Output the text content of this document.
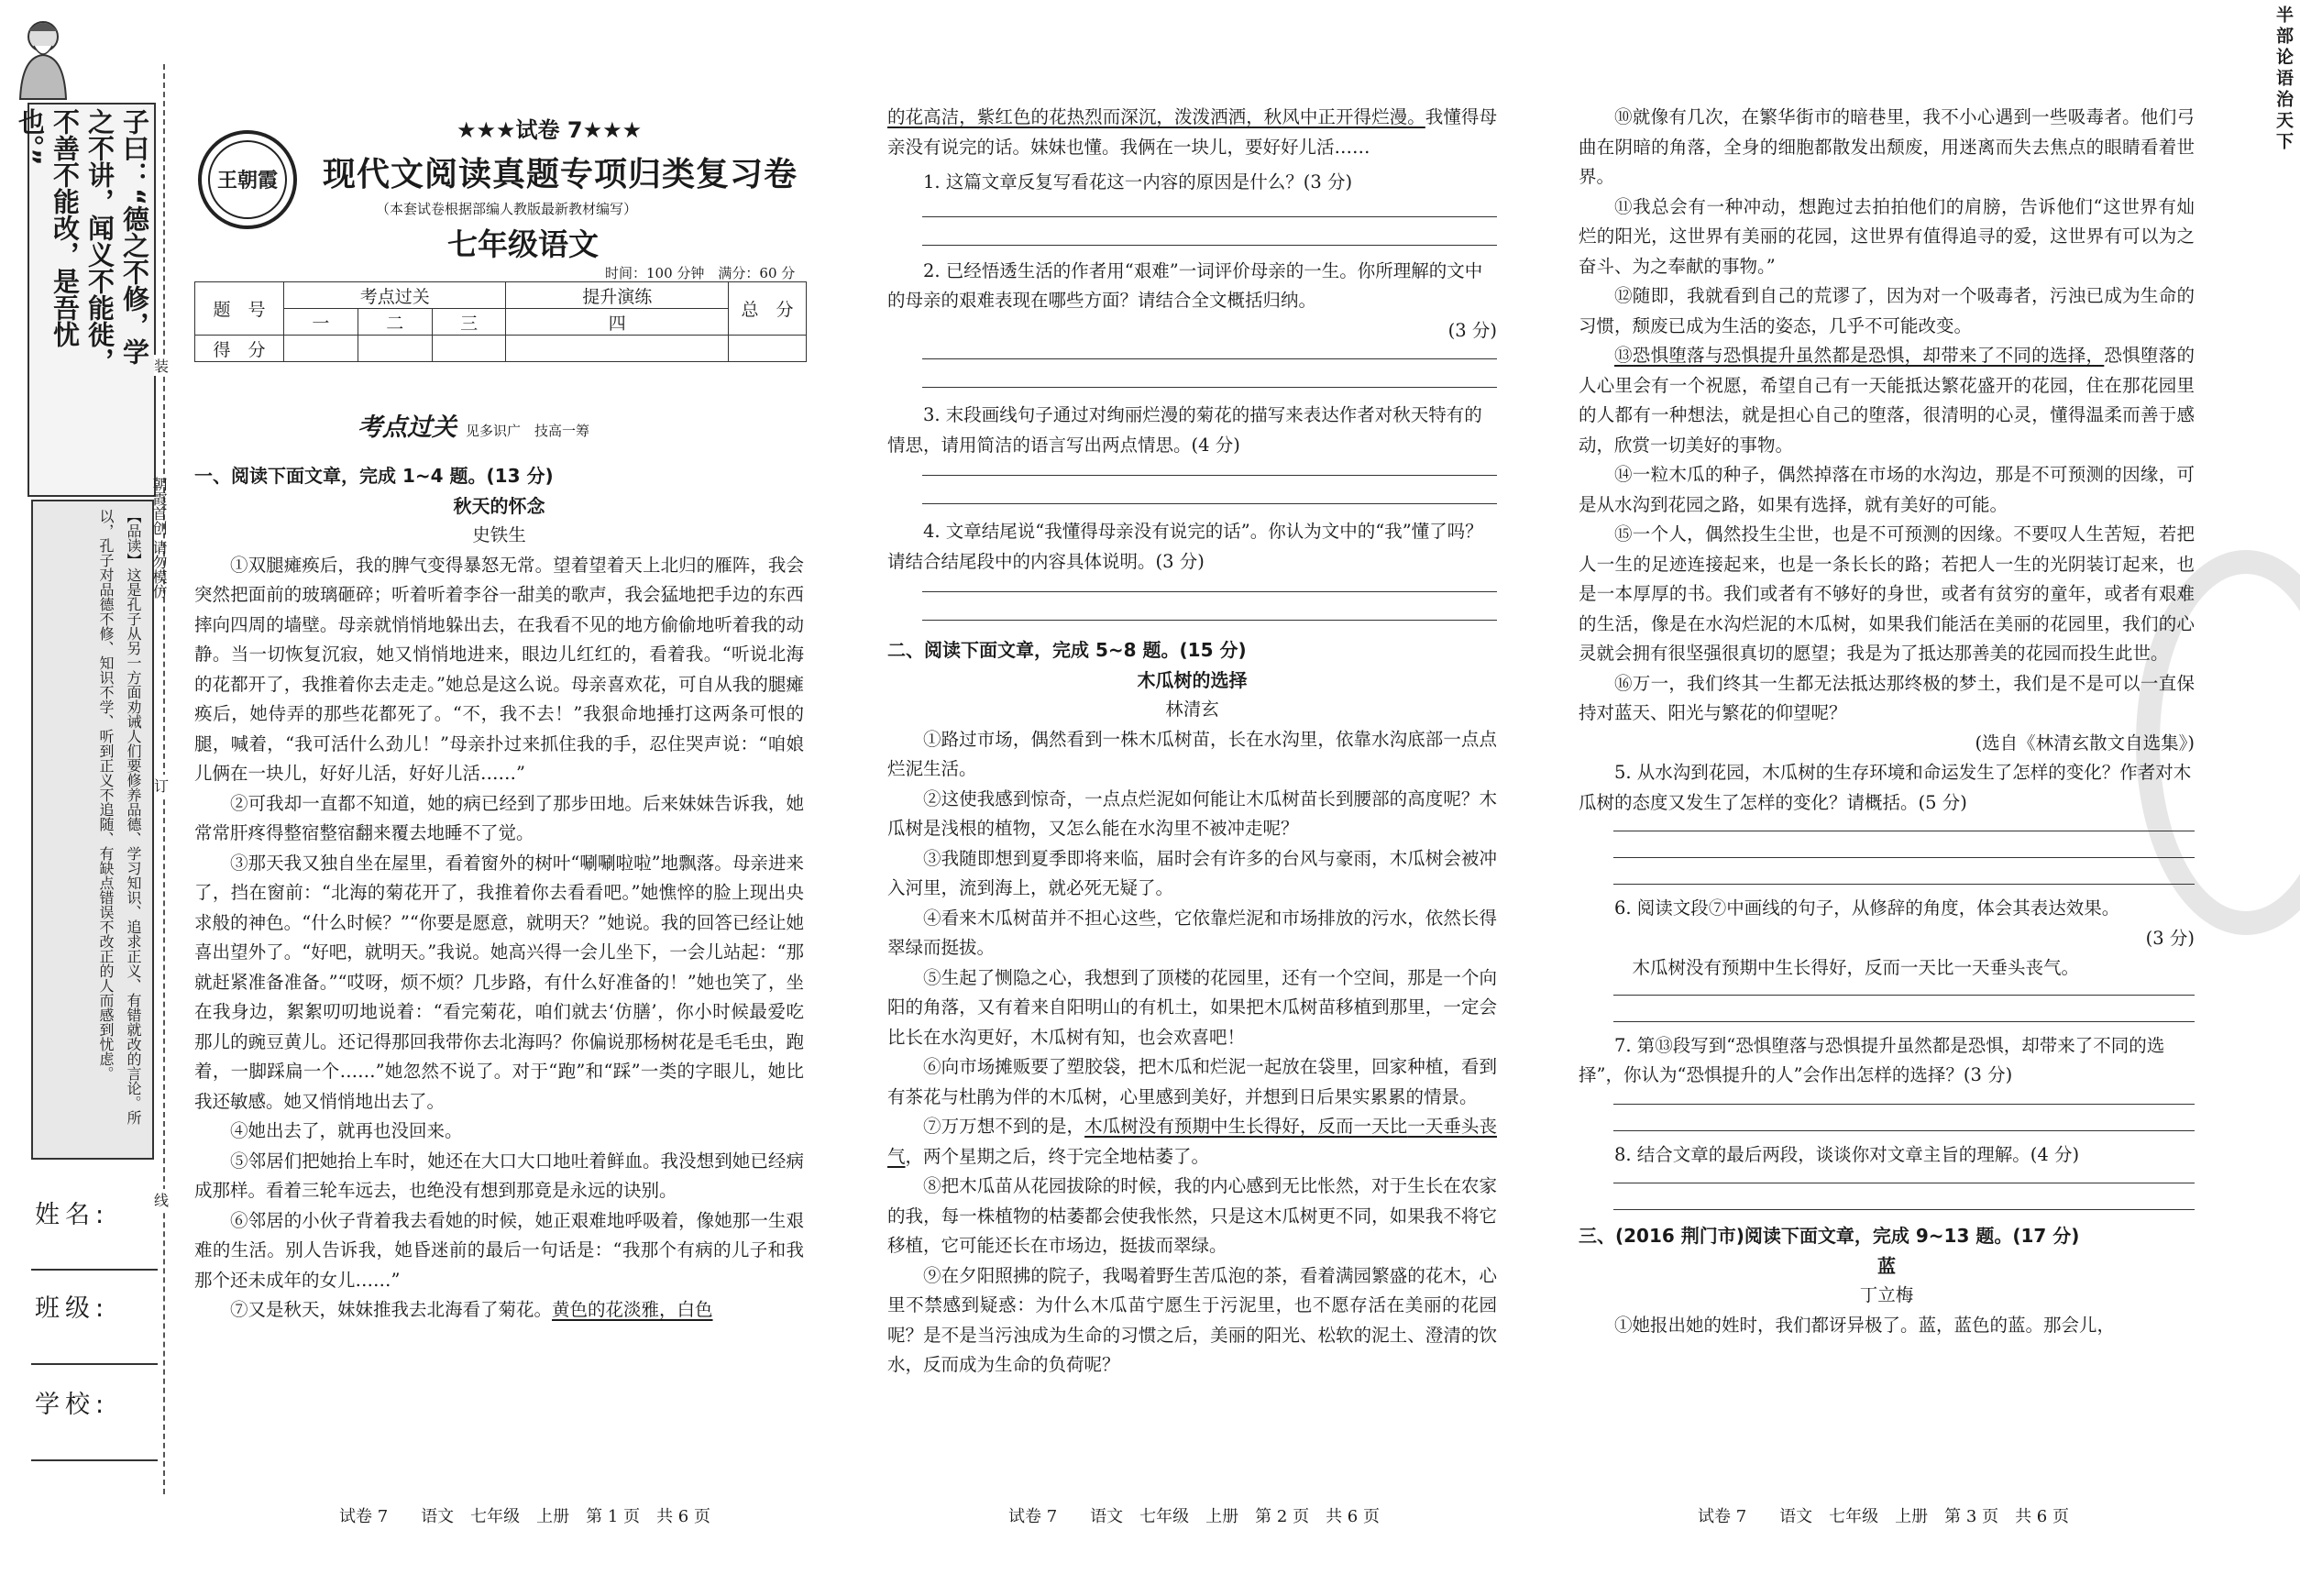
半部论语治天下
子曰：“德之不修，学之不讲，闻义不能徙，不善不能改，是吾忧也。”
【品读】这是孔子从另一方面劝诫人们要修养品德、学习知识、追求正义、有错就改的言论。所以，孔子对品德不修、知识不学、听到正义不追随、有缺点错误不改正的人而感到忧虑。
姓名:
班级:
学校:
装
订
线
朝霞首创 请勿模仿
王朝霞
★★★试卷 7★★★
现代文阅读真题专项归类复习卷
（本套试卷根据部编人教版最新教材编写）
七年级语文
时间：100 分钟　满分：60 分
题　号	考点过关			提升演练	总　分
	一	二	三	四	
得　分					
考点过关 见多识广　技高一筹

一、阅读下面文章，完成 1~4 题。(13 分)

秋天的怀念

史铁生

①双腿瘫痪后，我的脾气变得暴怒无常。望着望着天上北归的雁阵，我会突然把面前的玻璃砸碎；听着听着李谷一甜美的歌声，我会猛地把手边的东西摔向四周的墙壁。母亲就悄悄地躲出去，在我看不见的地方偷偷地听着我的动静。当一切恢复沉寂，她又悄悄地进来，眼边儿红红的，看着我。“听说北海的花都开了，我推着你去走走。”她总是这么说。母亲喜欢花，可自从我的腿瘫痪后，她侍弄的那些花都死了。“不，我不去！”我狠命地捶打这两条可恨的腿，喊着，“我可活什么劲儿！”母亲扑过来抓住我的手，忍住哭声说：“咱娘儿俩在一块儿，好好儿活，好好儿活……”

②可我却一直都不知道，她的病已经到了那步田地。后来妹妹告诉我，她常常肝疼得整宿整宿翻来覆去地睡不了觉。

③那天我又独自坐在屋里，看着窗外的树叶“唰唰啦啦”地飘落。母亲进来了，挡在窗前：“北海的菊花开了，我推着你去看看吧。”她憔悴的脸上现出央求般的神色。“什么时候？”“你要是愿意，就明天？”她说。我的回答已经让她喜出望外了。“好吧，就明天。”我说。她高兴得一会儿坐下，一会儿站起：“那就赶紧准备准备。”“哎呀，烦不烦？几步路，有什么好准备的！”她也笑了，坐在我身边，絮絮叨叨地说着：“看完菊花，咱们就去‘仿膳’，你小时候最爱吃那儿的豌豆黄儿。还记得那回我带你去北海吗？你偏说那杨树花是毛毛虫，跑着，一脚踩扁一个……”她忽然不说了。对于“跑”和“踩”一类的字眼儿，她比我还敏感。她又悄悄地出去了。

④她出去了，就再也没回来。

⑤邻居们把她抬上车时，她还在大口大口地吐着鲜血。我没想到她已经病成那样。看着三轮车远去，也绝没有想到那竟是永远的诀别。

⑥邻居的小伙子背着我去看她的时候，她正艰难地呼吸着，像她那一生艰难的生活。别人告诉我，她昏迷前的最后一句话是：“我那个有病的儿子和我那个还未成年的女儿……”

⑦又是秋天，妹妹推我去北海看了菊花。黄色的花淡雅，白色

试卷 7　　语文　七年级　上册　第 1 页　共 6 页

的花高洁，紫红色的花热烈而深沉，泼泼洒洒，秋风中正开得烂漫。我懂得母亲没有说完的话。妹妹也懂。我俩在一块儿，要好好儿活……

1. 这篇文章反复写看花这一内容的原因是什么？(3 分)

2. 已经悟透生活的作者用“艰难”一词评价母亲的一生。你所理解的文中的母亲的艰难表现在哪些方面？请结合全文概括归纳。

(3 分)

3. 末段画线句子通过对绚丽烂漫的菊花的描写来表达作者对秋天特有的情思，请用简洁的语言写出两点情思。(4 分)

4. 文章结尾说“我懂得母亲没有说完的话”。你认为文中的“我”懂了吗？请结合结尾段中的内容具体说明。(3 分)

二、阅读下面文章，完成 5~8 题。(15 分)

木瓜树的选择

林清玄

①路过市场，偶然看到一株木瓜树苗，长在水沟里，依靠水沟底部一点点烂泥生活。

②这使我感到惊奇，一点点烂泥如何能让木瓜树苗长到腰部的高度呢？木瓜树是浅根的植物，又怎么能在水沟里不被冲走呢？

③我随即想到夏季即将来临，届时会有许多的台风与豪雨，木瓜树会被冲入河里，流到海上，就必死无疑了。

④看来木瓜树苗并不担心这些，它依靠烂泥和市场排放的污水，依然长得翠绿而挺拔。

⑤生起了恻隐之心，我想到了顶楼的花园里，还有一个空间，那是一个向阳的角落，又有着来自阳明山的有机土，如果把木瓜树苗移植到那里，一定会比长在水沟更好，木瓜树有知，也会欢喜吧！

⑥向市场摊贩要了塑胶袋，把木瓜和烂泥一起放在袋里，回家种植，看到有茶花与杜鹃为伴的木瓜树，心里感到美好，并想到日后果实累累的情景。

⑦万万想不到的是，木瓜树没有预期中生长得好，反而一天比一天垂头丧气，两个星期之后，终于完全地枯萎了。

⑧把木瓜苗从花园拔除的时候，我的内心感到无比怅然，对于生长在农家的我，每一株植物的枯萎都会使我怅然，只是这木瓜树更不同，如果我不将它移植，它可能还长在市场边，挺拔而翠绿。

⑨在夕阳照拂的院子，我喝着野生苦瓜泡的茶，看着满园繁盛的花木，心里不禁感到疑惑：为什么木瓜苗宁愿生于污泥里，也不愿存活在美丽的花园呢？是不是当污浊成为生命的习惯之后，美丽的阳光、松软的泥土、澄清的饮水，反而成为生命的负荷呢？

试卷 7　　语文　七年级　上册　第 2 页　共 6 页

⑩就像有几次，在繁华街市的暗巷里，我不小心遇到一些吸毒者。他们弓曲在阴暗的角落，全身的细胞都散发出颓废，用迷离而失去焦点的眼睛看着世界。

⑪我总会有一种冲动，想跑过去拍拍他们的肩膀，告诉他们“这世界有灿烂的阳光，这世界有美丽的花园，这世界有值得追寻的爱，这世界有可以为之奋斗、为之奉献的事物。”

⑫随即，我就看到自己的荒谬了，因为对一个吸毒者，污浊已成为生命的习惯，颓废已成为生活的姿态，几乎不可能改变。

⑬恐惧堕落与恐惧提升虽然都是恐惧，却带来了不同的选择，恐惧堕落的人心里会有一个祝愿，希望自己有一天能抵达繁花盛开的花园，住在那花园里的人都有一种想法，就是担心自己的堕落，很清明的心灵，懂得温柔而善于感动，欣赏一切美好的事物。

⑭一粒木瓜的种子，偶然掉落在市场的水沟边，那是不可预测的因缘，可是从水沟到花园之路，如果有选择，就有美好的可能。

⑮一个人，偶然投生尘世，也是不可预测的因缘。不要叹人生苦短，若把人一生的足迹连接起来，也是一条长长的路；若把人一生的光阴装订起来，也是一本厚厚的书。我们或者有不够好的身世，或者有贫穷的童年，或者有艰难的生活，像是在水沟烂泥的木瓜树，如果我们能活在美丽的花园里，我们的心灵就会拥有很坚强很真切的愿望；我是为了抵达那善美的花园而投生此世。

⑯万一，我们终其一生都无法抵达那终极的梦土，我们是不是可以一直保持对蓝天、阳光与繁花的仰望呢？

(选自《林清玄散文自选集》)

5. 从水沟到花园，木瓜树的生存环境和命运发生了怎样的变化？作者对木瓜树的态度又发生了怎样的变化？请概括。(5 分)

6. 阅读文段⑦中画线的句子，从修辞的角度，体会其表达效果。

(3 分)

木瓜树没有预期中生长得好，反而一天比一天垂头丧气。

7. 第⑬段写到“恐惧堕落与恐惧提升虽然都是恐惧，却带来了不同的选择”，你认为“恐惧提升的人”会作出怎样的选择？(3 分)

8. 结合文章的最后两段，谈谈你对文章主旨的理解。(4 分)

三、(2016 荆门市)阅读下面文章，完成 9~13 题。(17 分)

蓝

丁立梅

①她报出她的姓时，我们都讶异极了。蓝，蓝色的蓝。那会儿，

试卷 7　　语文　七年级　上册　第 3 页　共 6 页
